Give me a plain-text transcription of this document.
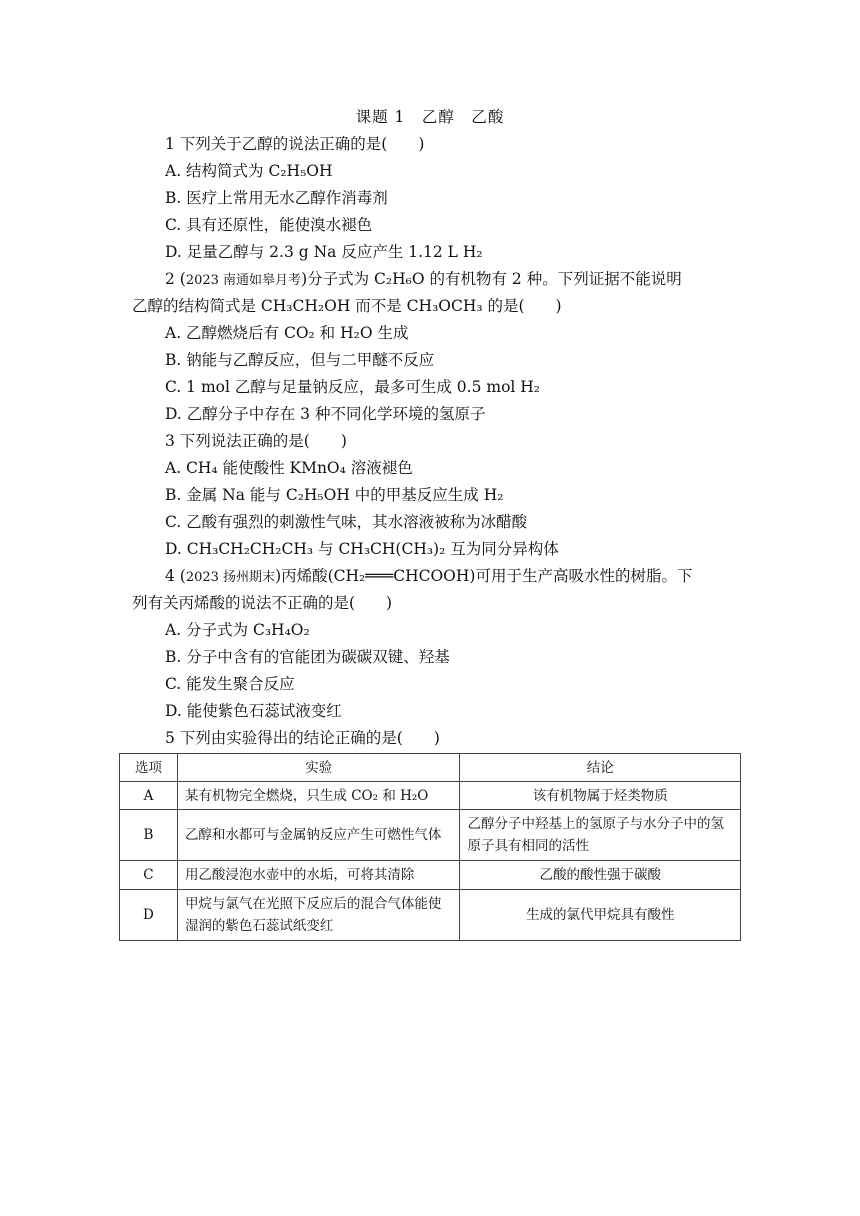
课题 1　乙醇　乙酸
1 下列关于乙醇的说法正确的是(　　)
A. 结构简式为 C₂H₅OH
B. 医疗上常用无水乙醇作消毒剂
C. 具有还原性，能使溴水褪色
D. 足量乙醇与 2.3 g Na 反应产生 1.12 L H₂
2 (2023 南通如皋月考)分子式为 C₂H₆O 的有机物有 2 种。下列证据不能说明
乙醇的结构简式是 CH₃CH₂OH 而不是 CH₃OCH₃ 的是(　　)
A. 乙醇燃烧后有 CO₂ 和 H₂O 生成
B. 钠能与乙醇反应，但与二甲醚不反应
C. 1 mol 乙醇与足量钠反应，最多可生成 0.5 mol H₂
D. 乙醇分子中存在 3 种不同化学环境的氢原子
3 下列说法正确的是(　　)
A. CH₄ 能使酸性 KMnO₄ 溶液褪色
B. 金属 Na 能与 C₂H₅OH 中的甲基反应生成 H₂
C. 乙酸有强烈的刺激性气味，其水溶液被称为冰醋酸
D. CH₃CH₂CH₂CH₃ 与 CH₃CH(CH₃)₂ 互为同分异构体
4 (2023 扬州期末)丙烯酸(CH₂═══CHCOOH)可用于生产高吸水性的树脂。下
列有关丙烯酸的说法不正确的是(　　)
A. 分子式为 C₃H₄O₂
B. 分子中含有的官能团为碳碳双键、羟基
C. 能发生聚合反应
D. 能使紫色石蕊试液变红
5 下列由实验得出的结论正确的是(　　)
选项	实验	结论
A	某有机物完全燃烧，只生成 CO₂ 和 H₂O	该有机物属于烃类物质
B	乙醇和水都可与金属钠反应产生可燃性气体	乙醇分子中羟基上的氢原子与水分子中的氢原子具有相同的活性
C	用乙酸浸泡水壶中的水垢，可将其清除	乙酸的酸性强于碳酸
D	甲烷与氯气在光照下反应后的混合气体能使湿润的紫色石蕊试纸变红	生成的氯代甲烷具有酸性
